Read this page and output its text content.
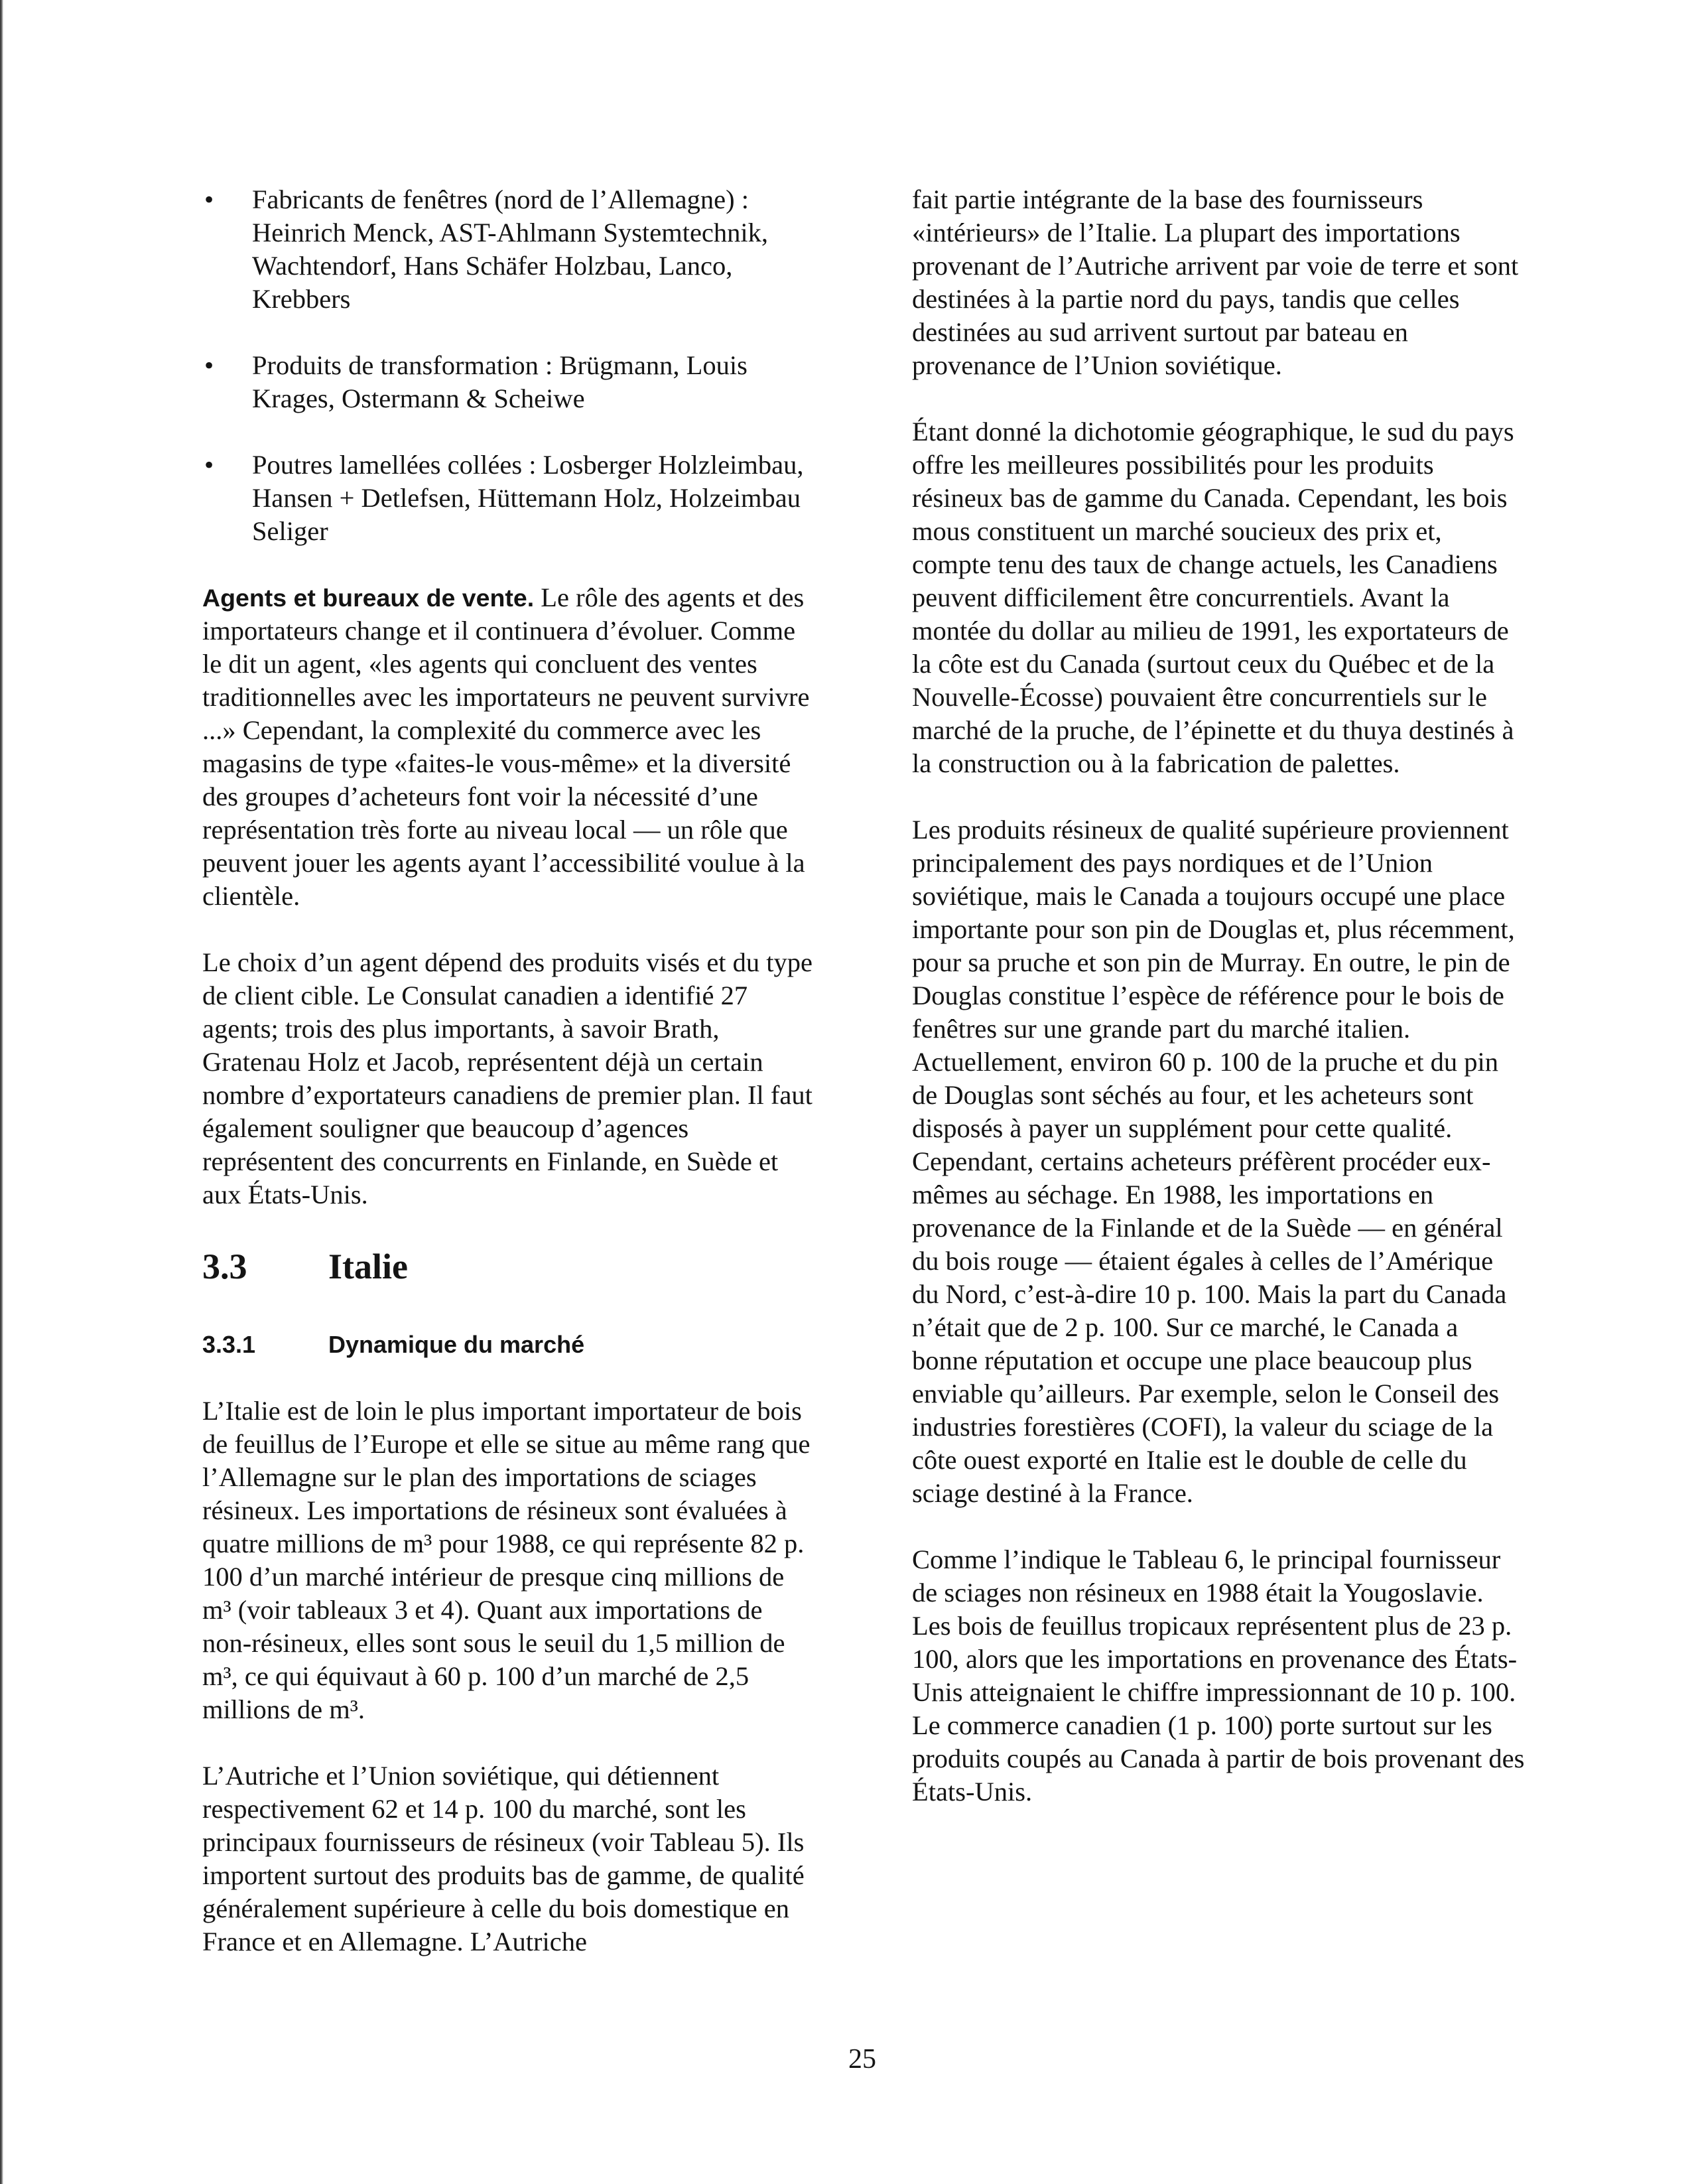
• Fabricants de fenêtres (nord de l’Allemagne) : Heinrich Menck, AST-Ahlmann Systemtechnik, Wachtendorf, Hans Schäfer Holzbau, Lanco, Krebbers
• Produits de transformation : Brügmann, Louis Krages, Ostermann & Scheiwe
• Poutres lamellées collées : Losberger Holzleimbau, Hansen + Detlefsen, Hüttemann Holz, Holzeimbau Seliger

Agents et bureaux de vente. Le rôle des agents et des importateurs change et il continuera d’évoluer. Comme le dit un agent, «les agents qui concluent des ventes traditionnelles avec les importateurs ne peuvent survivre ...» Cependant, la complexité du commerce avec les magasins de type «faites-le vous-même» et la diversité des groupes d’acheteurs font voir la nécessité d’une représentation très forte au niveau local — un rôle que peuvent jouer les agents ayant l’accessibilité voulue à la clientèle.

Le choix d’un agent dépend des produits visés et du type de client cible. Le Consulat canadien a identifié 27 agents; trois des plus importants, à savoir Brath, Gratenau Holz et Jacob, représentent déjà un certain nombre d’exportateurs canadiens de premier plan. Il faut également souligner que beaucoup d’agences représentent des concurrents en Finlande, en Suède et aux États-Unis.

3.3	Italie
3.3.1	Dynamique du marché

L’Italie est de loin le plus important importateur de bois de feuillus de l’Europe et elle se situe au même rang que l’Allemagne sur le plan des importations de sciages résineux. Les importations de résineux sont évaluées à quatre millions de m³ pour 1988, ce qui représente 82 p. 100 d’un marché intérieur de presque cinq millions de m³ (voir tableaux 3 et 4). Quant aux importations de non-résineux, elles sont sous le seuil du 1,5 million de m³, ce qui équivaut à 60 p. 100 d’un marché de 2,5 millions de m³.

L’Autriche et l’Union soviétique, qui détiennent respectivement 62 et 14 p. 100 du marché, sont les principaux fournisseurs de résineux (voir Tableau 5). Ils importent surtout des produits bas de gamme, de qualité généralement supérieure à celle du bois domestique en France et en Allemagne. L’Autriche

fait partie intégrante de la base des fournisseurs «intérieurs» de l’Italie. La plupart des importations provenant de l’Autriche arrivent par voie de terre et sont destinées à la partie nord du pays, tandis que celles destinées au sud arrivent surtout par bateau en provenance de l’Union soviétique.

Étant donné la dichotomie géographique, le sud du pays offre les meilleures possibilités pour les produits résineux bas de gamme du Canada. Cependant, les bois mous constituent un marché soucieux des prix et, compte tenu des taux de change actuels, les Canadiens peuvent difficilement être concurrentiels. Avant la montée du dollar au milieu de 1991, les exportateurs de la côte est du Canada (surtout ceux du Québec et de la Nouvelle-Écosse) pouvaient être concurrentiels sur le marché de la pruche, de l’épinette et du thuya destinés à la construction ou à la fabrication de palettes.

Les produits résineux de qualité supérieure proviennent principalement des pays nordiques et de l’Union soviétique, mais le Canada a toujours occupé une place importante pour son pin de Douglas et, plus récemment, pour sa pruche et son pin de Murray. En outre, le pin de Douglas constitue l’espèce de référence pour le bois de fenêtres sur une grande part du marché italien. Actuellement, environ 60 p. 100 de la pruche et du pin de Douglas sont séchés au four, et les acheteurs sont disposés à payer un supplément pour cette qualité. Cependant, certains acheteurs préfèrent procéder eux-mêmes au séchage. En 1988, les importations en provenance de la Finlande et de la Suède — en général du bois rouge — étaient égales à celles de l’Amérique du Nord, c’est-à-dire 10 p. 100. Mais la part du Canada n’était que de 2 p. 100. Sur ce marché, le Canada a bonne réputation et occupe une place beaucoup plus enviable qu’ailleurs. Par exemple, selon le Conseil des industries forestières (COFI), la valeur du sciage de la côte ouest exporté en Italie est le double de celle du sciage destiné à la France.

Comme l’indique le Tableau 6, le principal fournisseur de sciages non résineux en 1988 était la Yougoslavie. Les bois de feuillus tropicaux représentent plus de 23 p. 100, alors que les importations en provenance des États-Unis atteignaient le chiffre impressionnant de 10 p. 100. Le commerce canadien (1 p. 100) porte surtout sur les produits coupés au Canada à partir de bois provenant des États-Unis.

25
